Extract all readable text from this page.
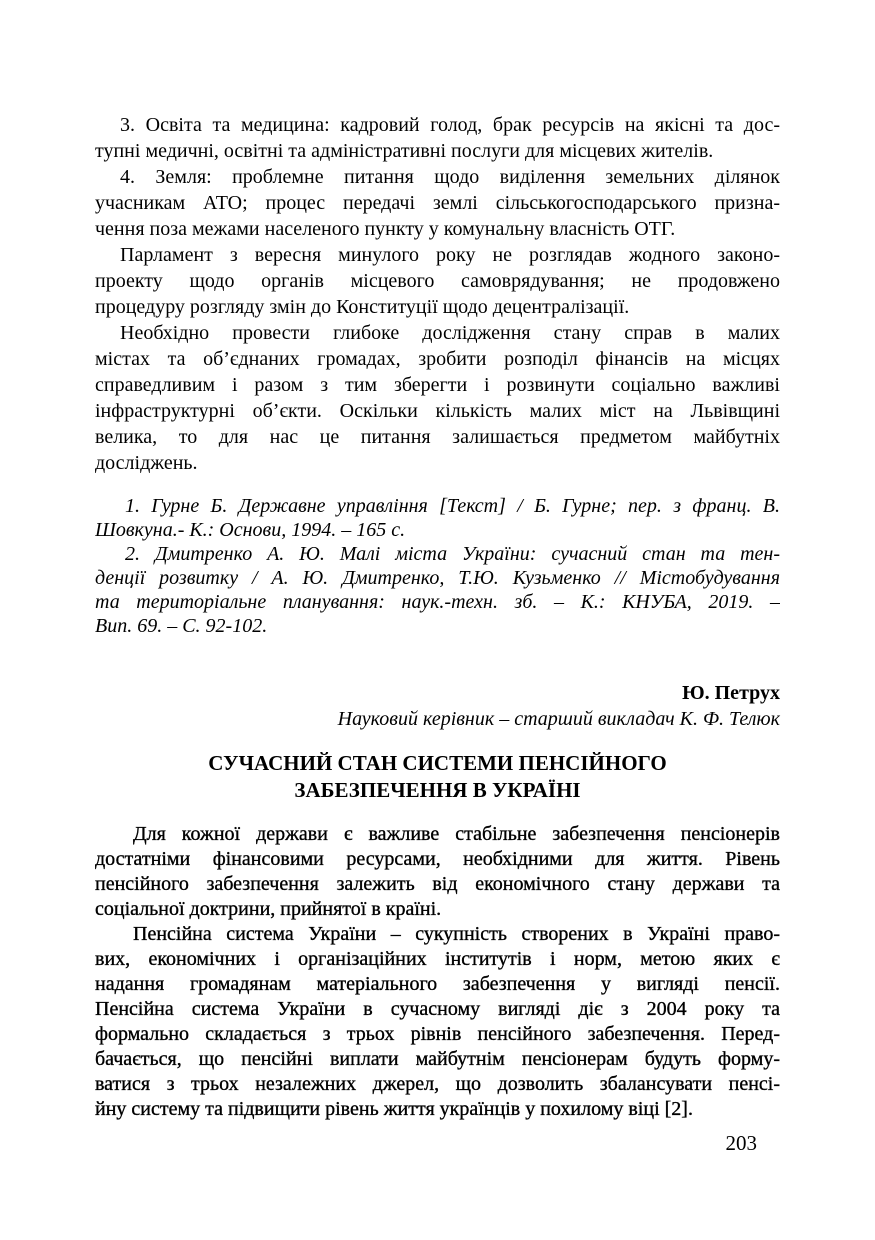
3. Освіта та медицина: кадровий голод, брак ресурсів на якісні та дос-
тупні медичні, освітні та адміністративні послуги для місцевих жителів.
4. Земля: проблемне питання щодо виділення земельних ділянок
учасникам АТО; процес передачі землі сільськогосподарського призна-
чення поза межами населеного пункту у комунальну власність ОТГ.
Парламент з вересня минулого року не розглядав жодного законо-
проекту щодо органів місцевого самоврядування; не продовжено
процедуру розгляду змін до Конституції щодо децентралізації.
Необхідно провести глибоке дослідження стану справ в малих
містах та об’єднаних громадах, зробити розподіл фінансів на місцях
справедливим і разом з тим зберегти і розвинути соціально важливі
інфраструктурні об’єкти. Оскільки кількість малих міст на Львівщині
велика, то для нас це питання залишається предметом майбутніх
досліджень.
1. Гурне Б. Державне управління [Текст] / Б. Гурне; пер. з франц. В.
Шовкуна.- К.: Основи, 1994. – 165 с.
2. Дмитренко А. Ю. Малі міста України: сучасний стан та тен-
денції розвитку / А. Ю. Дмитренко, Т.Ю. Кузьменко // Містобудування
та територіальне планування: наук.-техн. зб. – К.: КНУБА, 2019. –
Вип. 69. – С. 92-102.
Ю. Петрух
Науковий керівник – старший викладач К. Ф. Телюк
СУЧАСНИЙ СТАН СИСТЕМИ ПЕНСІЙНОГО
ЗАБЕЗПЕЧЕННЯ В УКРАЇНІ
Для кожної держави є важливе стабільне забезпечення пенсіонерів
достатніми фінансовими ресурсами, необхідними для життя. Рівень
пенсійного забезпечення залежить від економічного стану держави та
соціальної доктрини, прийнятої в країні.
Пенсійна система України – сукупність створених в Україні право-
вих, економічних і організаційних інститутів і норм, метою яких є
надання громадянам матеріального забезпечення у вигляді пенсії.
Пенсійна система України в сучасному вигляді діє з 2004 року та
формально складається з трьох рівнів пенсійного забезпечення. Перед-
бачається, що пенсійні виплати майбутнім пенсіонерам будуть форму-
ватися з трьох незалежних джерел, що дозволить збалансувати пенсі-
йну систему та підвищити рівень життя українців у похилому віці [2].
203
